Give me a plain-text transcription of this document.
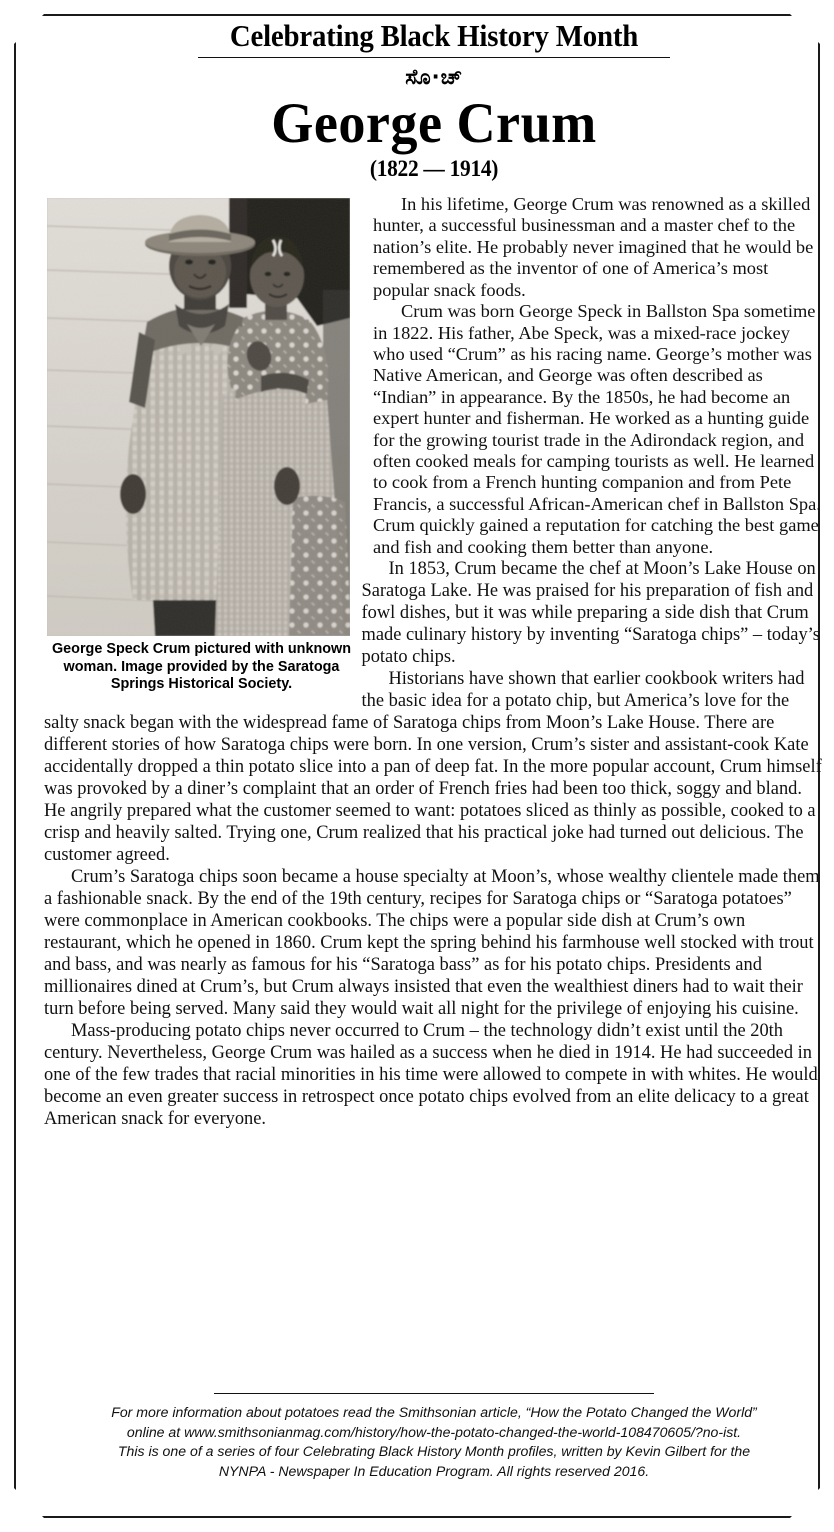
Celebrating Black History Month
ಸೊ·ಚ್
George Crum
(1822 — 1914)
George Speck Crum pictured with unknown woman. Image provided by the Saratoga Springs Historical Society.

In his lifetime, George Crum was renowned as a skilled hunter, a successful businessman and a master chef to the nation’s elite. He probably never imagined that he would be remembered as the inventor of one of America’s most popular snack foods.

Crum was born George Speck in Ballston Spa sometime in 1822. His father, Abe Speck, was a mixed-race jockey who used “Crum” as his racing name. George’s mother was Native American, and George was often described as “Indian” in appearance. By the 1850s, he had become an expert hunter and fisherman. He worked as a hunting guide for the growing tourist trade in the Adirondack region, and often cooked meals for camping tourists as well. He learned to cook from a French hunting companion and from Pete Francis, a successful African-American chef in Ballston Spa. Crum quickly gained a reputation for catching the best game and fish and cooking them better than anyone.

In 1853, Crum became the chef at Moon’s Lake House on Saratoga Lake. He was praised for his preparation of fish and fowl dishes, but it was while preparing a side dish that Crum made culinary history by inventing “Saratoga chips” – today’s potato chips.

Historians have shown that earlier cookbook writers had the basic idea for a potato chip, but America’s love for the salty snack began with the widespread fame of Saratoga chips from Moon’s Lake House. There are different stories of how Saratoga chips were born. In one version, Crum’s sister and assistant-cook Kate accidentally dropped a thin potato slice into a pan of deep fat. In the more popular account, Crum himself was provoked by a diner’s complaint that an order of French fries had been too thick, soggy and bland. He angrily prepared what the customer seemed to want: potatoes sliced as thinly as possible, cooked to a crisp and heavily salted. Trying one, Crum realized that his practical joke had turned out delicious. The customer agreed.

Crum’s Saratoga chips soon became a house specialty at Moon’s, whose wealthy clientele made them a fashionable snack. By the end of the 19th century, recipes for Saratoga chips or “Saratoga potatoes” were commonplace in American cookbooks. The chips were a popular side dish at Crum’s own restaurant, which he opened in 1860. Crum kept the spring behind his farmhouse well stocked with trout and bass, and was nearly as famous for his “Saratoga bass” as for his potato chips. Presidents and millionaires dined at Crum’s, but Crum always insisted that even the wealthiest diners had to wait their turn before being served. Many said they would wait all night for the privilege of enjoying his cuisine.

Mass-producing potato chips never occurred to Crum – the technology didn’t exist until the 20th century. Nevertheless, George Crum was hailed as a success when he died in 1914. He had succeeded in one of the few trades that racial minorities in his time were allowed to compete in with whites. He would become an even greater success in retrospect once potato chips evolved from an elite delicacy to a great American snack for everyone.

For more information about potatoes read the Smithsonian article, “How the Potato Changed the World”
online at www.smithsonianmag.com/history/how-the-potato-changed-the-world-108470605/?no-ist.
This is one of a series of four Celebrating Black History Month profiles, written by Kevin Gilbert for the
NYNPA - Newspaper In Education Program. All rights reserved 2016.
